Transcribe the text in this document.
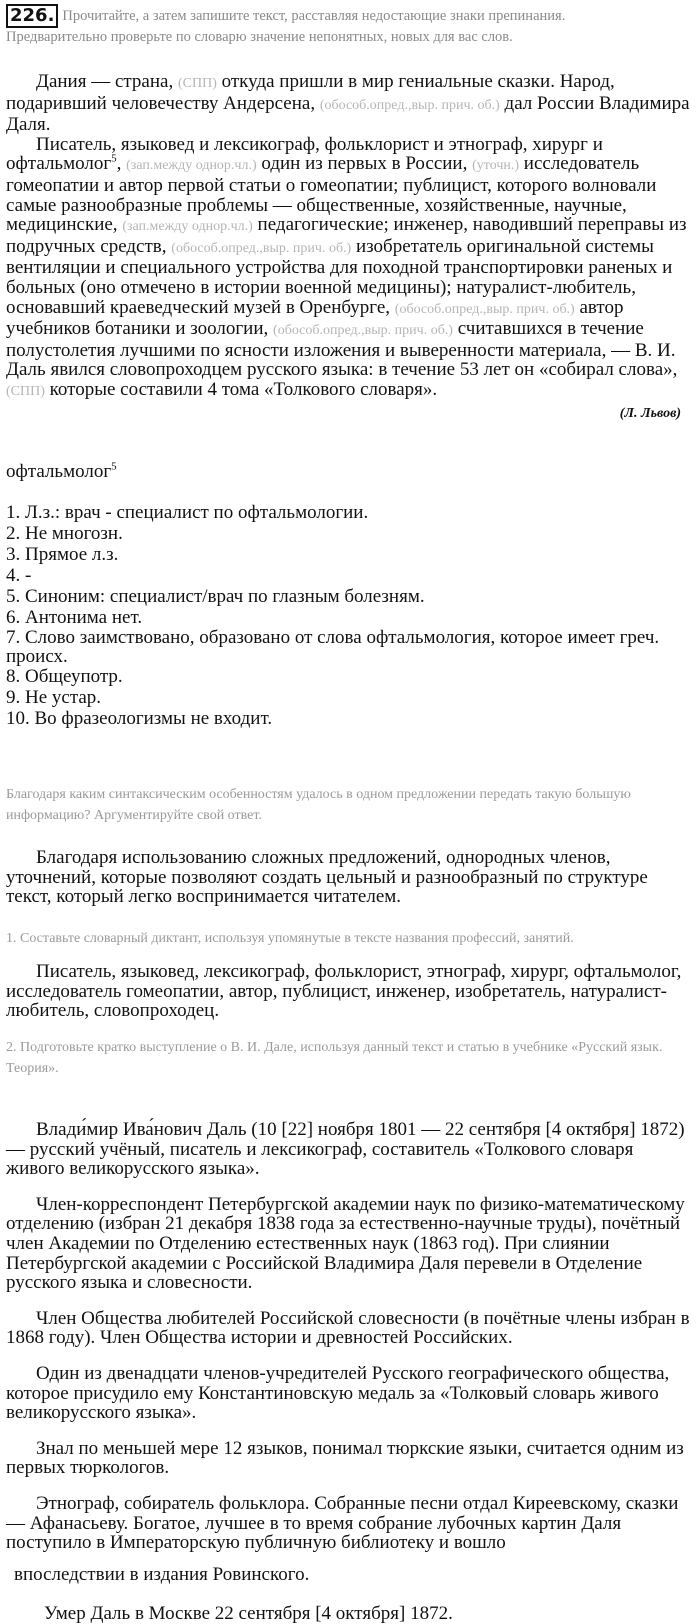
226. Прочитайте, а затем запишите текст, расставляя недостающие знаки препинания.
Предварительно проверьте по словарю значение непонятных, новых для вас слов.

Дания — страна, (СПП) откуда пришли в мир гениальные сказки. Народ, подаривший человечеству Андерсена, (обособ.опред.,выр. прич. об.) дал России Владимира Даля.

Писатель, языковед и лексикограф, фольклорист и этнограф, хирург и офтальмолог$^5$, (зап.между однор.чл.) один из первых в России, (уточн.) исследователь гомеопатии и автор первой статьи о гомеопатии; публицист, которого волновали самые разнообразные проблемы — общественные, хозяйственные, научные, медицинские, (зап.между однор.чл.) педагогические; инженер, наводивший переправы из подручных средств, (обособ.опред.,выр. прич. об.) изобретатель оригинальной системы вентиляции и специального устройства для походной транспортировки раненых и больных (оно отмечено в истории военной медицины); натуралист-любитель, основавший краеведческий музей в Оренбурге, (обособ.опред.,выр. прич. об.) автор учебников ботаники и зоологии, (обособ.опред.,выр. прич. об.) считавшихся в течение полустолетия лучшими по ясности изложения и выверенности материала, — В. И. Даль явился словопроходцем русского языка: в течение 53 лет он «собирал слова», (СПП) которые составили 4 тома «Толкового словаря».

(Л. Львов)
офтальмолог$^5$
1. Л.з.: врач - специалист по офтальмологии.
2. Не многозн.
3. Прямое л.з.
4. -
5. Синоним: специалист/врач по глазным болезням.
6. Антонима нет.
7. Слово заимствовано, образовано от слова офтальмология, которое имеет греч. происх.
8. Общеупотр.
9. Не устар.
10. Во фразеологизмы не входит.
Благодаря каким синтаксическим особенностям удалось в одном предложении передать такую большую информацию? Аргументируйте свой ответ.

Благодаря использованию сложных предложений, однородных членов, уточнений, которые позволяют создать цельный и разнообразный по структуре текст, который легко воспринимается читателем.

1. Составьте словарный диктант, используя упомянутые в тексте названия профессий, занятий.

Писатель, языковед, лексикограф, фольклорист, этнограф, хирург, офтальмолог, исследователь гомеопатии, автор, публицист, инженер, изобретатель, натуралист-любитель, словопроходец.

2. Подготовьте кратко выступление о В. И. Дале, используя данный текст и статью в учебнике «Русский язык. Теория».

Влади́мир Ива́нович Даль (10 [22] ноября 1801 — 22 сентября [4 октября] 1872) — русский учёный, писатель и лексикограф, составитель «Толкового словаря живого великорусского языка».

Член-корреспондент Петербургской академии наук по физико-математическому отделению (избран 21 декабря 1838 года за естественно-научные труды), почётный член Академии по Отделению естественных наук (1863 год). При слиянии Петербургской академии с Российской Владимира Даля перевели в Отделение русского языка и словесности.

Член Общества любителей Российской словесности (в почётные члены избран в 1868 году). Член Общества истории и древностей Российских.

Один из двенадцати членов-учредителей Русского географического общества, которое присудило ему Константиновскую медаль за «Толковый словарь живого великорусского языка».

Знал по меньшей мере 12 языков, понимал тюркские языки, считается одним из первых тюркологов.

Этнограф, собиратель фольклора. Собранные песни отдал Киреевскому, сказки — Афанасьеву. Богатое, лучшее в то время собрание лубочных картин Даля поступило в Императорскую публичную библиотеку и вошло

впоследствии в издания Ровинского.

Умер Даль в Москве 22 сентября [4 октября] 1872.
